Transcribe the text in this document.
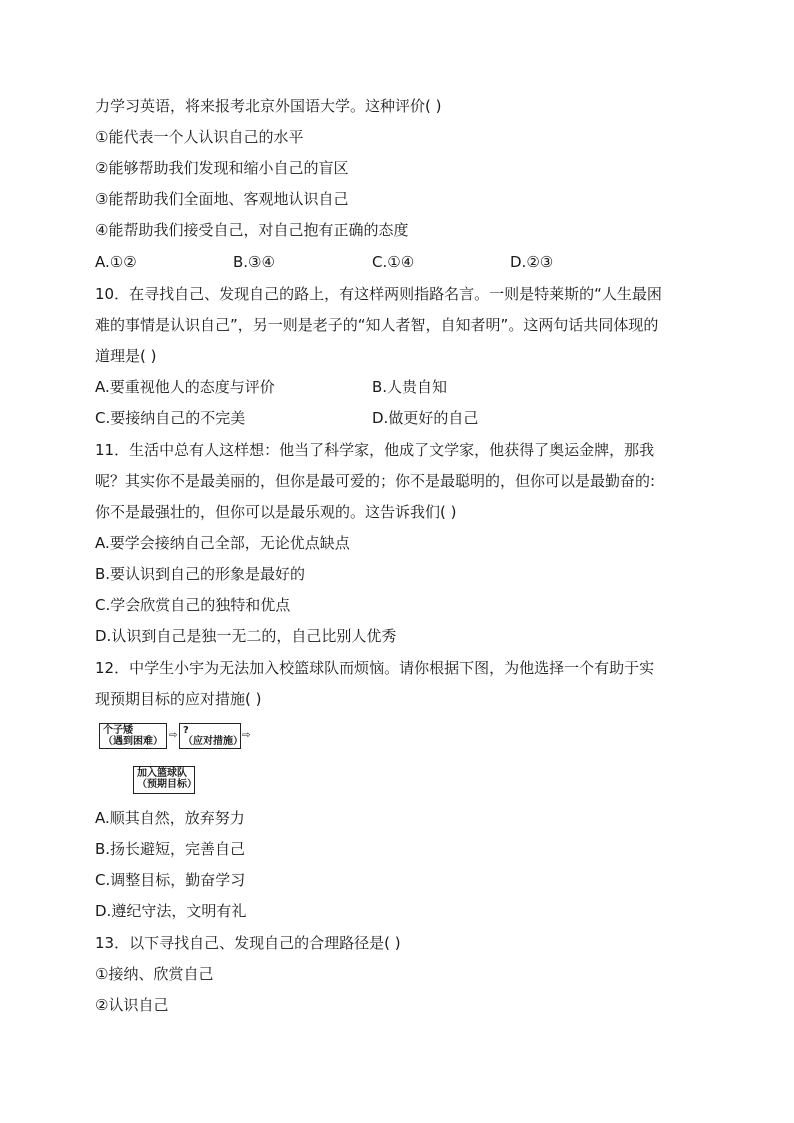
力学习英语，将来报考北京外国语大学。这种评价( )
①能代表一个人认识自己的水平
②能够帮助我们发现和缩小自己的盲区
③能帮助我们全面地、客观地认识自己
④能帮助我们接受自己，对自己抱有正确的态度
A.①②	B.③④	C.①④	D.②③
10．在寻找自己、发现自己的路上，有这样两则指路名言。一则是特莱斯的“人生最困
难的事情是认识自己”，另一则是老子的“知人者智，自知者明”。这两句话共同体现的
道理是( )
A.要重视他人的态度与评价	B.人贵自知
C.要接纳自己的不完美	D.做更好的自己
11．生活中总有人这样想：他当了科学家，他成了文学家，他获得了奥运金牌，那我
呢？其实你不是最美丽的，但你是最可爱的；你不是最聪明的，但你可以是最勤奋的:
你不是最强壮的，但你可以是最乐观的。这告诉我们( )
A.要学会接纳自己全部，无论优点缺点
B.要认识到自己的形象是最好的
C.学会欣赏自己的独特和优点
D.认识到自己是独一无二的，自己比别人优秀
12．中学生小宇为无法加入校篮球队而烦恼。请你根据下图，为他选择一个有助于实
现预期目标的应对措施( )
个子矮
（遇到困难）
⇨ ?
（应对措施）
⇨
加入篮球队
（预期目标）
A.顺其自然，放弃努力
B.扬长避短，完善自己
C.调整目标，勤奋学习
D.遵纪守法，文明有礼
13．以下寻找自己、发现自己的合理路径是( )
①接纳、欣赏自己
②认识自己
